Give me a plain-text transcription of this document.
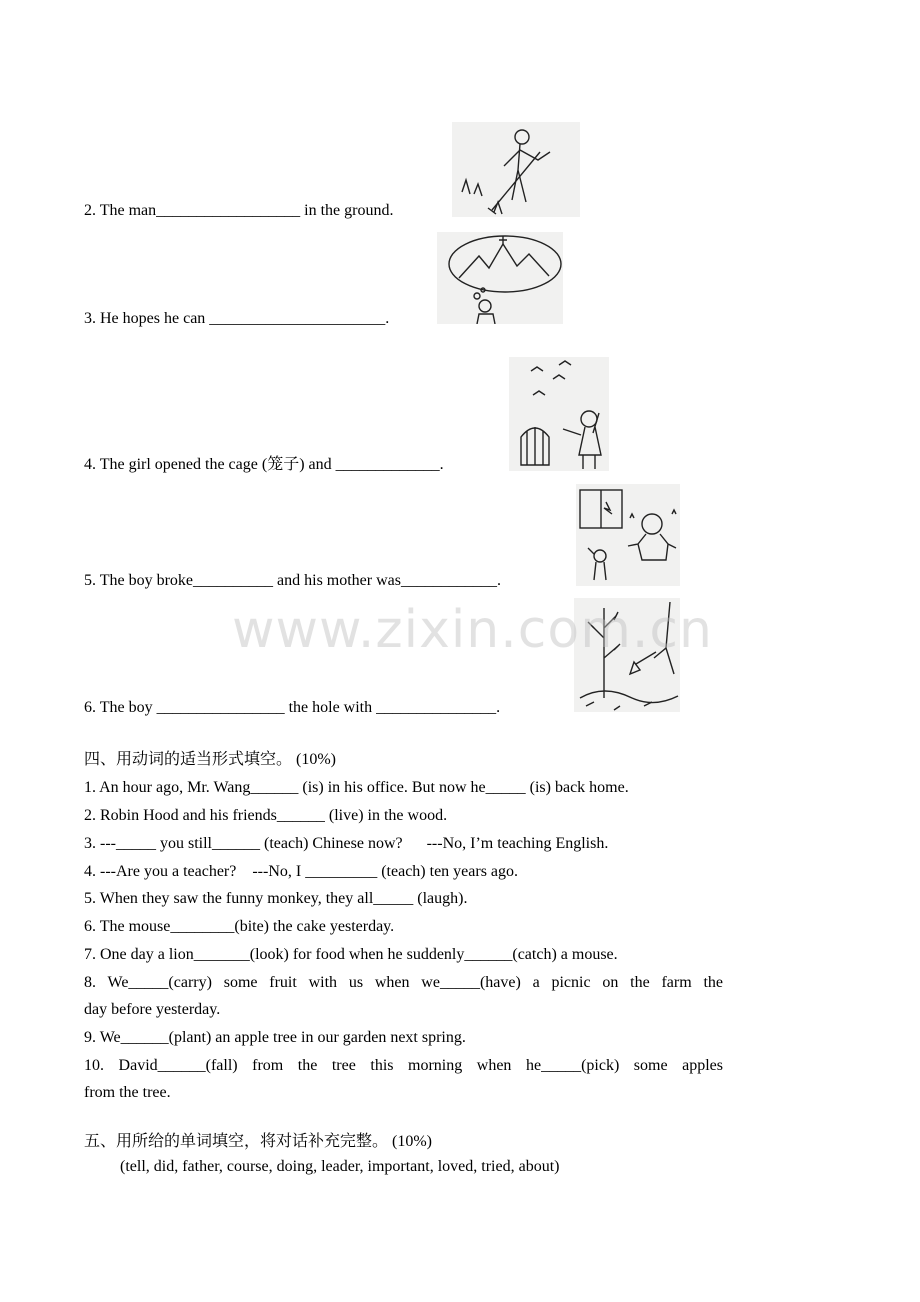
2. The man__________________ in the ground.
3. He hopes he can ______________________.
4. The girl opened the cage (笼子) and _____________.
5. The boy broke__________ and his mother was____________.
6. The boy ________________ the hole with _______________.
www.zixin.com.cn
四、用动词的适当形式填空。 (10%)
1. An hour ago, Mr. Wang______ (is) in his office. But now he_____ (is) back home.
2. Robin Hood and his friends______ (live) in the wood.
3. ---_____ you still______ (teach) Chinese now?      ---No, I’m teaching English.
4. ---Are you a teacher?    ---No, I _________ (teach) ten years ago.
5. When they saw the funny monkey, they all_____ (laugh).
6. The mouse________(bite) the cake yesterday.
7. One day a lion_______(look) for food when he suddenly______(catch) a mouse.
8. We_____(carry) some fruit with us when we_____(have) a picnic on the farm the
day before yesterday.
9. We______(plant) an apple tree in our garden next spring.
10. David______(fall) from the tree this morning when he_____(pick) some apples
from the tree.
五、用所给的单词填空，将对话补充完整。 (10%)
(tell, did, father, course, doing, leader, important, loved, tried, about)
